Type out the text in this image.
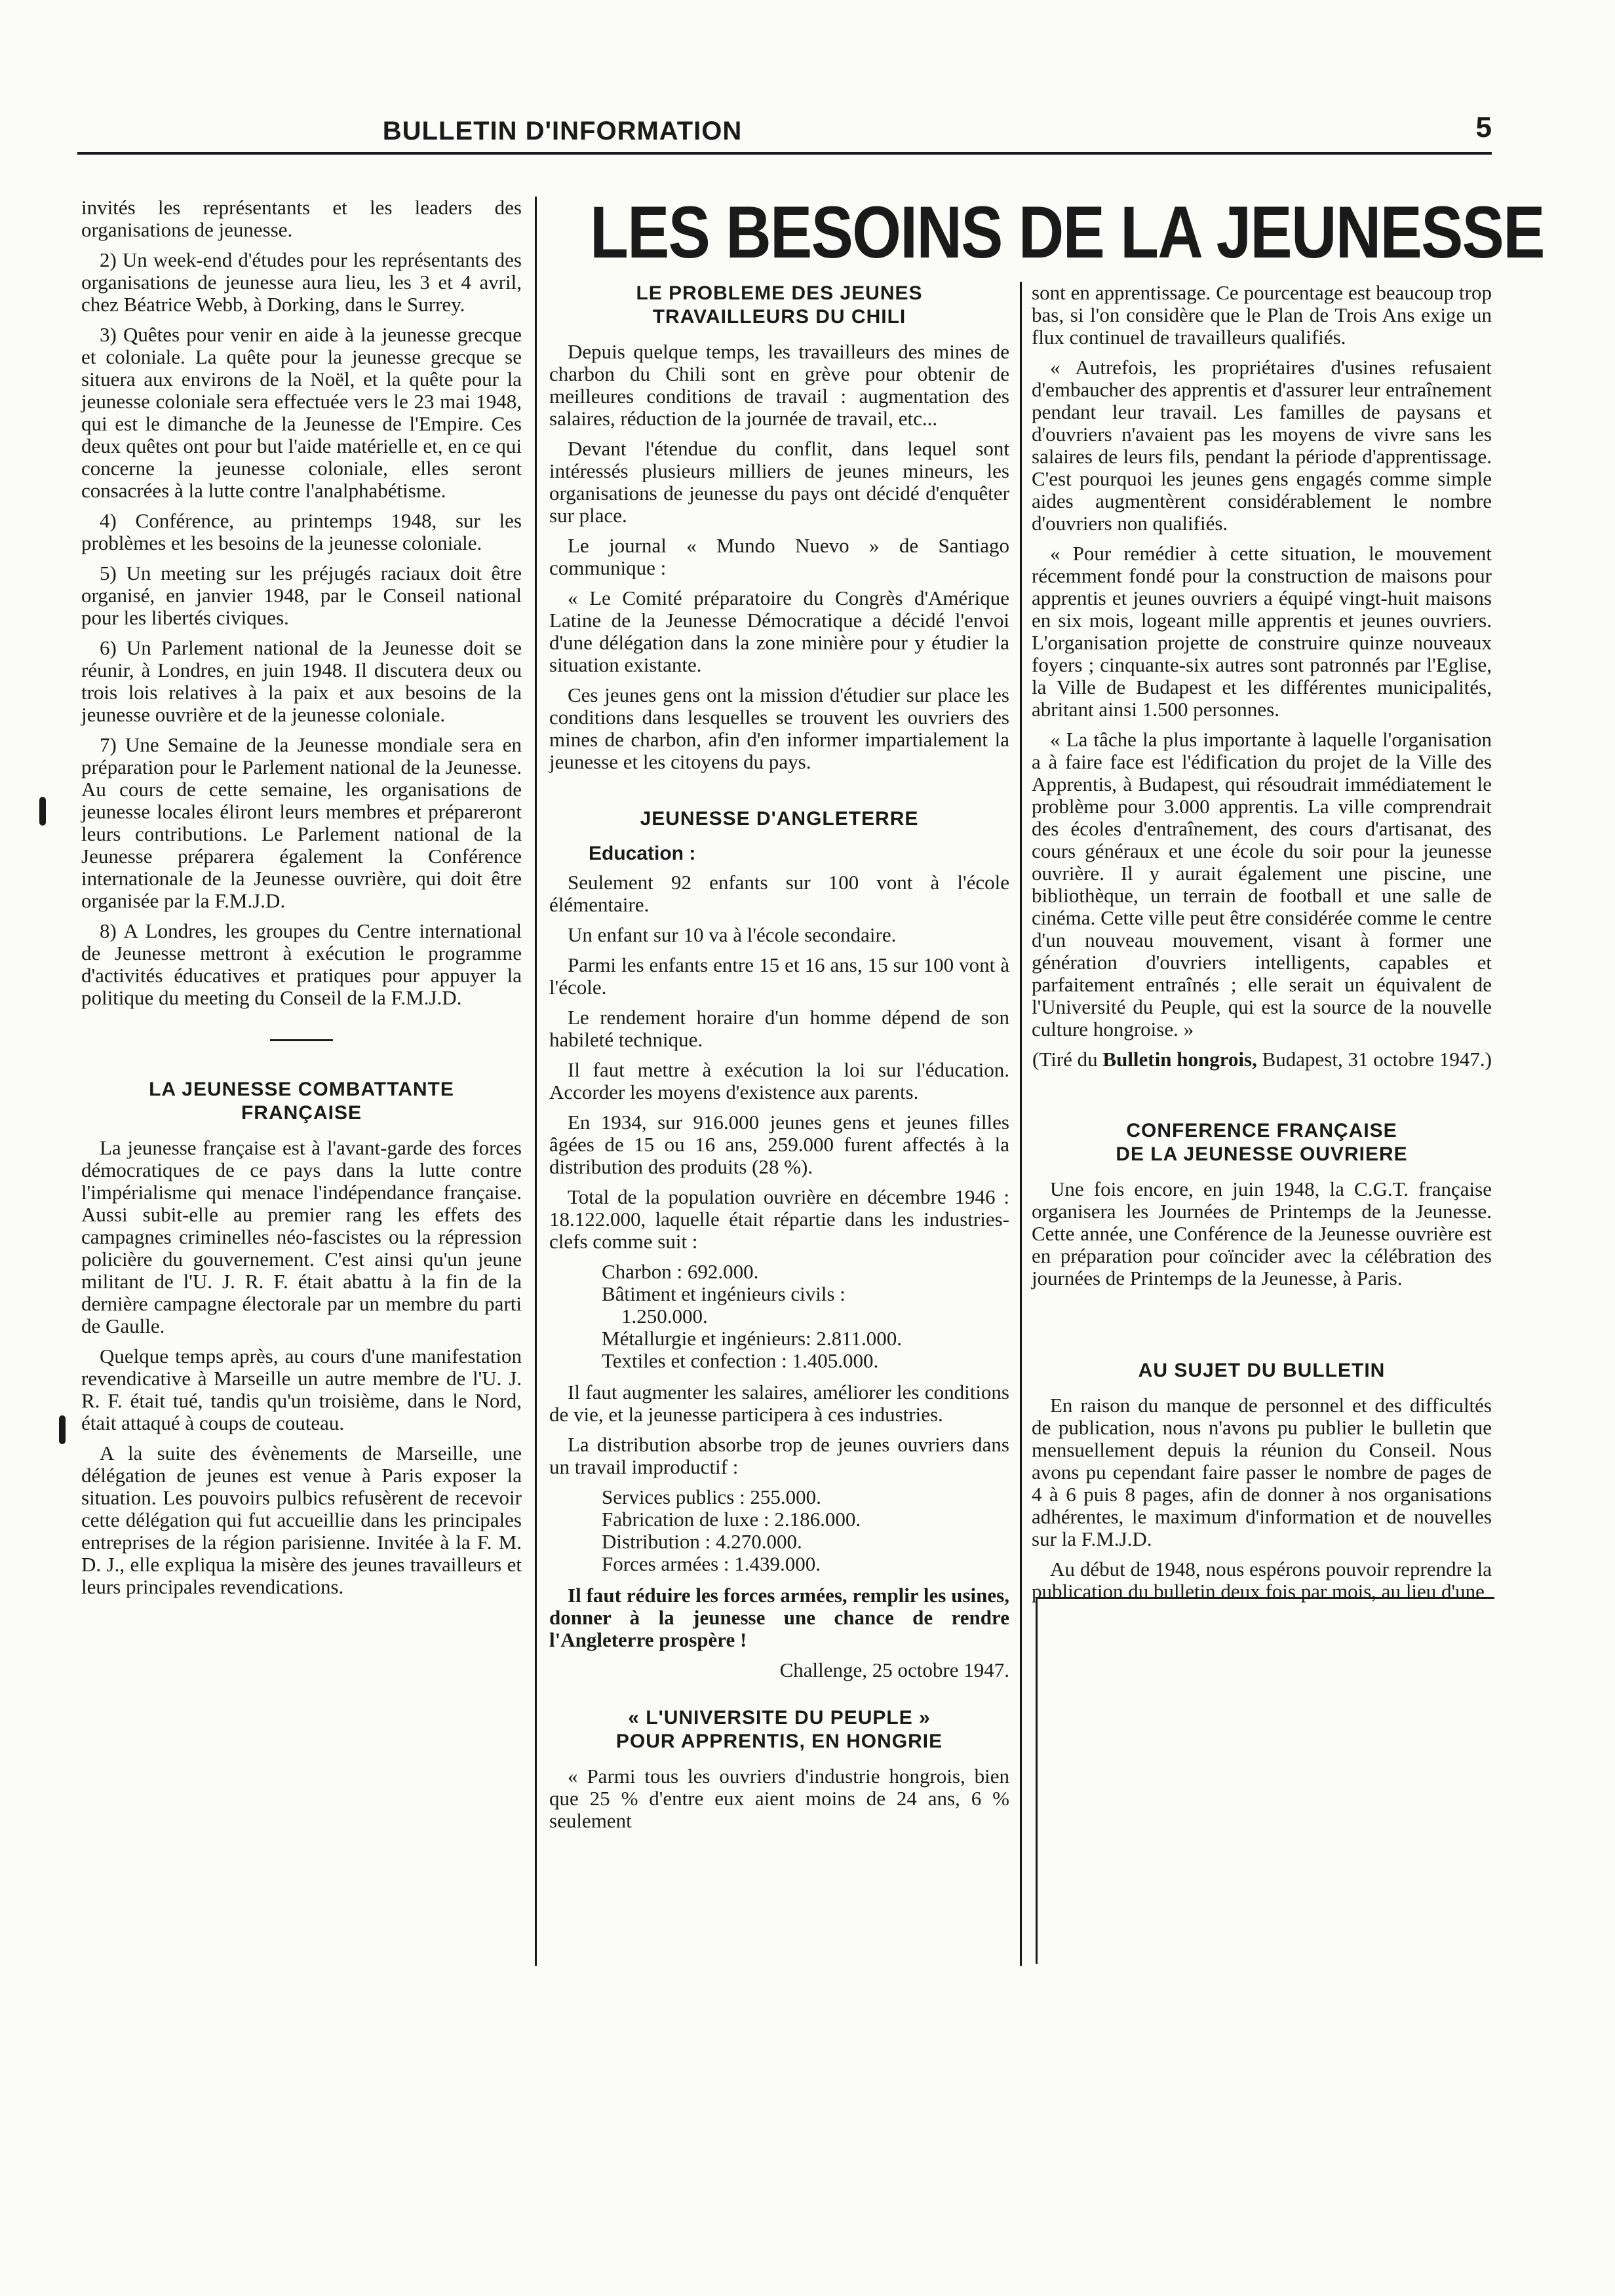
BULLETIN D'INFORMATION	5
LES BESOINS DE LA JEUNESSE

invités les représentants et les leaders des organisations de jeunesse.

2) Un week-end d'études pour les représentants des organisations de jeunesse aura lieu, les 3 et 4 avril, chez Béatrice Webb, à Dorking, dans le Surrey.

3) Quêtes pour venir en aide à la jeunesse grecque et coloniale. La quête pour la jeunesse grecque se situera aux environs de la Noël, et la quête pour la jeunesse coloniale sera effectuée vers le 23 mai 1948, qui est le dimanche de la Jeunesse de l'Empire. Ces deux quêtes ont pour but l'aide matérielle et, en ce qui concerne la jeunesse coloniale, elles seront consacrées à la lutte contre l'analphabétisme.

4) Conférence, au printemps 1948, sur les problèmes et les besoins de la jeunesse coloniale.

5) Un meeting sur les préjugés raciaux doit être organisé, en janvier 1948, par le Conseil national pour les libertés civiques.

6) Un Parlement national de la Jeunesse doit se réunir, à Londres, en juin 1948. Il discutera deux ou trois lois relatives à la paix et aux besoins de la jeunesse ouvrière et de la jeunesse coloniale.

7) Une Semaine de la Jeunesse mondiale sera en préparation pour le Parlement national de la Jeunesse. Au cours de cette semaine, les organisations de jeunesse locales éliront leurs membres et prépareront leurs contributions. Le Parlement national de la Jeunesse préparera également la Conférence internationale de la Jeunesse ouvrière, qui doit être organisée par la F.M.J.D.

8) A Londres, les groupes du Centre international de Jeunesse mettront à exécution le programme d'activités éducatives et pratiques pour appuyer la politique du meeting du Conseil de la F.M.J.D.

LA JEUNESSE COMBATTANTE
FRANÇAISE

La jeunesse française est à l'avant-garde des forces démocratiques de ce pays dans la lutte contre l'impérialisme qui menace l'indépendance française. Aussi subit-elle au premier rang les effets des campagnes criminelles néo-fascistes ou la répression policière du gouvernement. C'est ainsi qu'un jeune militant de l'U. J. R. F. était abattu à la fin de la dernière campagne électorale par un membre du parti de Gaulle.

Quelque temps après, au cours d'une manifestation revendicative à Marseille un autre membre de l'U. J. R. F. était tué, tandis qu'un troisième, dans le Nord, était attaqué à coups de couteau.

A la suite des évènements de Marseille, une délégation de jeunes est venue à Paris exposer la situation. Les pouvoirs pulbics refusèrent de recevoir cette délégation qui fut accueillie dans les principales entreprises de la région parisienne. Invitée à la F. M. D. J., elle expliqua la misère des jeunes travailleurs et leurs principales revendications.

LE PROBLEME DES JEUNES
TRAVAILLEURS DU CHILI

Depuis quelque temps, les travailleurs des mines de charbon du Chili sont en grève pour obtenir de meilleures conditions de travail : augmentation des salaires, réduction de la journée de travail, etc...

Devant l'étendue du conflit, dans lequel sont intéressés plusieurs milliers de jeunes mineurs, les organisations de jeunesse du pays ont décidé d'enquêter sur place.

Le journal « Mundo Nuevo » de Santiago communique :

« Le Comité préparatoire du Congrès d'Amérique Latine de la Jeunesse Démocratique a décidé l'envoi d'une délégation dans la zone minière pour y étudier la situation existante.

Ces jeunes gens ont la mission d'étudier sur place les conditions dans lesquelles se trouvent les ouvriers des mines de charbon, afin d'en informer impartialement la jeunesse et les citoyens du pays.

JEUNESSE D'ANGLETERRE
Education :

Seulement 92 enfants sur 100 vont à l'école élémentaire.

Un enfant sur 10 va à l'école secondaire.

Parmi les enfants entre 15 et 16 ans, 15 sur 100 vont à l'école.

Le rendement horaire d'un homme dépend de son habileté technique.

Il faut mettre à exécution la loi sur l'éducation. Accorder les moyens d'existence aux parents.

En 1934, sur 916.000 jeunes gens et jeunes filles âgées de 15 ou 16 ans, 259.000 furent affectés à la distribution des produits (28 %).

Total de la population ouvrière en décembre 1946 : 18.122.000, laquelle était répartie dans les industries-clefs comme suit :

Charbon : 692.000.
Bâtiment et ingénieurs civils :
1.250.000.
Métallurgie et ingénieurs: 2.811.000.
Textiles et confection : 1.405.000.

Il faut augmenter les salaires, améliorer les conditions de vie, et la jeunesse participera à ces industries.

La distribution absorbe trop de jeunes ouvriers dans un travail improductif :

Services publics : 255.000.
Fabrication de luxe : 2.186.000.
Distribution : 4.270.000.
Forces armées : 1.439.000.

Il faut réduire les forces armées, remplir les usines, donner à la jeunesse une chance de rendre l'Angleterre prospère !

Challenge, 25 octobre 1947.
« L'UNIVERSITE DU PEUPLE »
POUR APPRENTIS, EN HONGRIE

« Parmi tous les ouvriers d'industrie hongrois, bien que 25 % d'entre eux aient moins de 24 ans, 6 % seulement

sont en apprentissage. Ce pourcentage est beaucoup trop bas, si l'on considère que le Plan de Trois Ans exige un flux continuel de travailleurs qualifiés.

« Autrefois, les propriétaires d'usines refusaient d'embaucher des apprentis et d'assurer leur entraînement pendant leur travail. Les familles de paysans et d'ouvriers n'avaient pas les moyens de vivre sans les salaires de leurs fils, pendant la période d'apprentissage. C'est pourquoi les jeunes gens engagés comme simple aides augmentèrent considérablement le nombre d'ouvriers non qualifiés.

« Pour remédier à cette situation, le mouvement récemment fondé pour la construction de maisons pour apprentis et jeunes ouvriers a équipé vingt-huit maisons en six mois, logeant mille apprentis et jeunes ouvriers. L'organisation projette de construire quinze nouveaux foyers ; cinquante-six autres sont patronnés par l'Eglise, la Ville de Budapest et les différentes municipalités, abritant ainsi 1.500 personnes.

« La tâche la plus importante à laquelle l'organisation a à faire face est l'édification du projet de la Ville des Apprentis, à Budapest, qui résoudrait immédiatement le problème pour 3.000 apprentis. La ville comprendrait des écoles d'entraînement, des cours d'artisanat, des cours généraux et une école du soir pour la jeunesse ouvrière. Il y aurait également une piscine, une bibliothèque, un terrain de football et une salle de cinéma. Cette ville peut être considérée comme le centre d'un nouveau mouvement, visant à former une génération d'ouvriers intelligents, capables et parfaitement entraînés ; elle serait un équivalent de l'Université du Peuple, qui est la source de la nouvelle culture hongroise. »

(Tiré du Bulletin hongrois, Budapest, 31 octobre 1947.)
CONFERENCE FRANÇAISE
DE LA JEUNESSE OUVRIERE

Une fois encore, en juin 1948, la C.G.T. française organisera les Journées de Printemps de la Jeunesse. Cette année, une Conférence de la Jeunesse ouvrière est en préparation pour coïncider avec la célébration des journées de Printemps de la Jeunesse, à Paris.

AU SUJET DU BULLETIN

En raison du manque de personnel et des difficultés de publication, nous n'avons pu publier le bulletin que mensuellement depuis la réunion du Conseil. Nous avons pu cependant faire passer le nombre de pages de 4 à 6 puis 8 pages, afin de donner à nos organisations adhérentes, le maximum d'information et de nouvelles sur la F.M.J.D.

Au début de 1948, nous espérons pouvoir reprendre la publication du bulletin deux fois par mois, au lieu d'une
